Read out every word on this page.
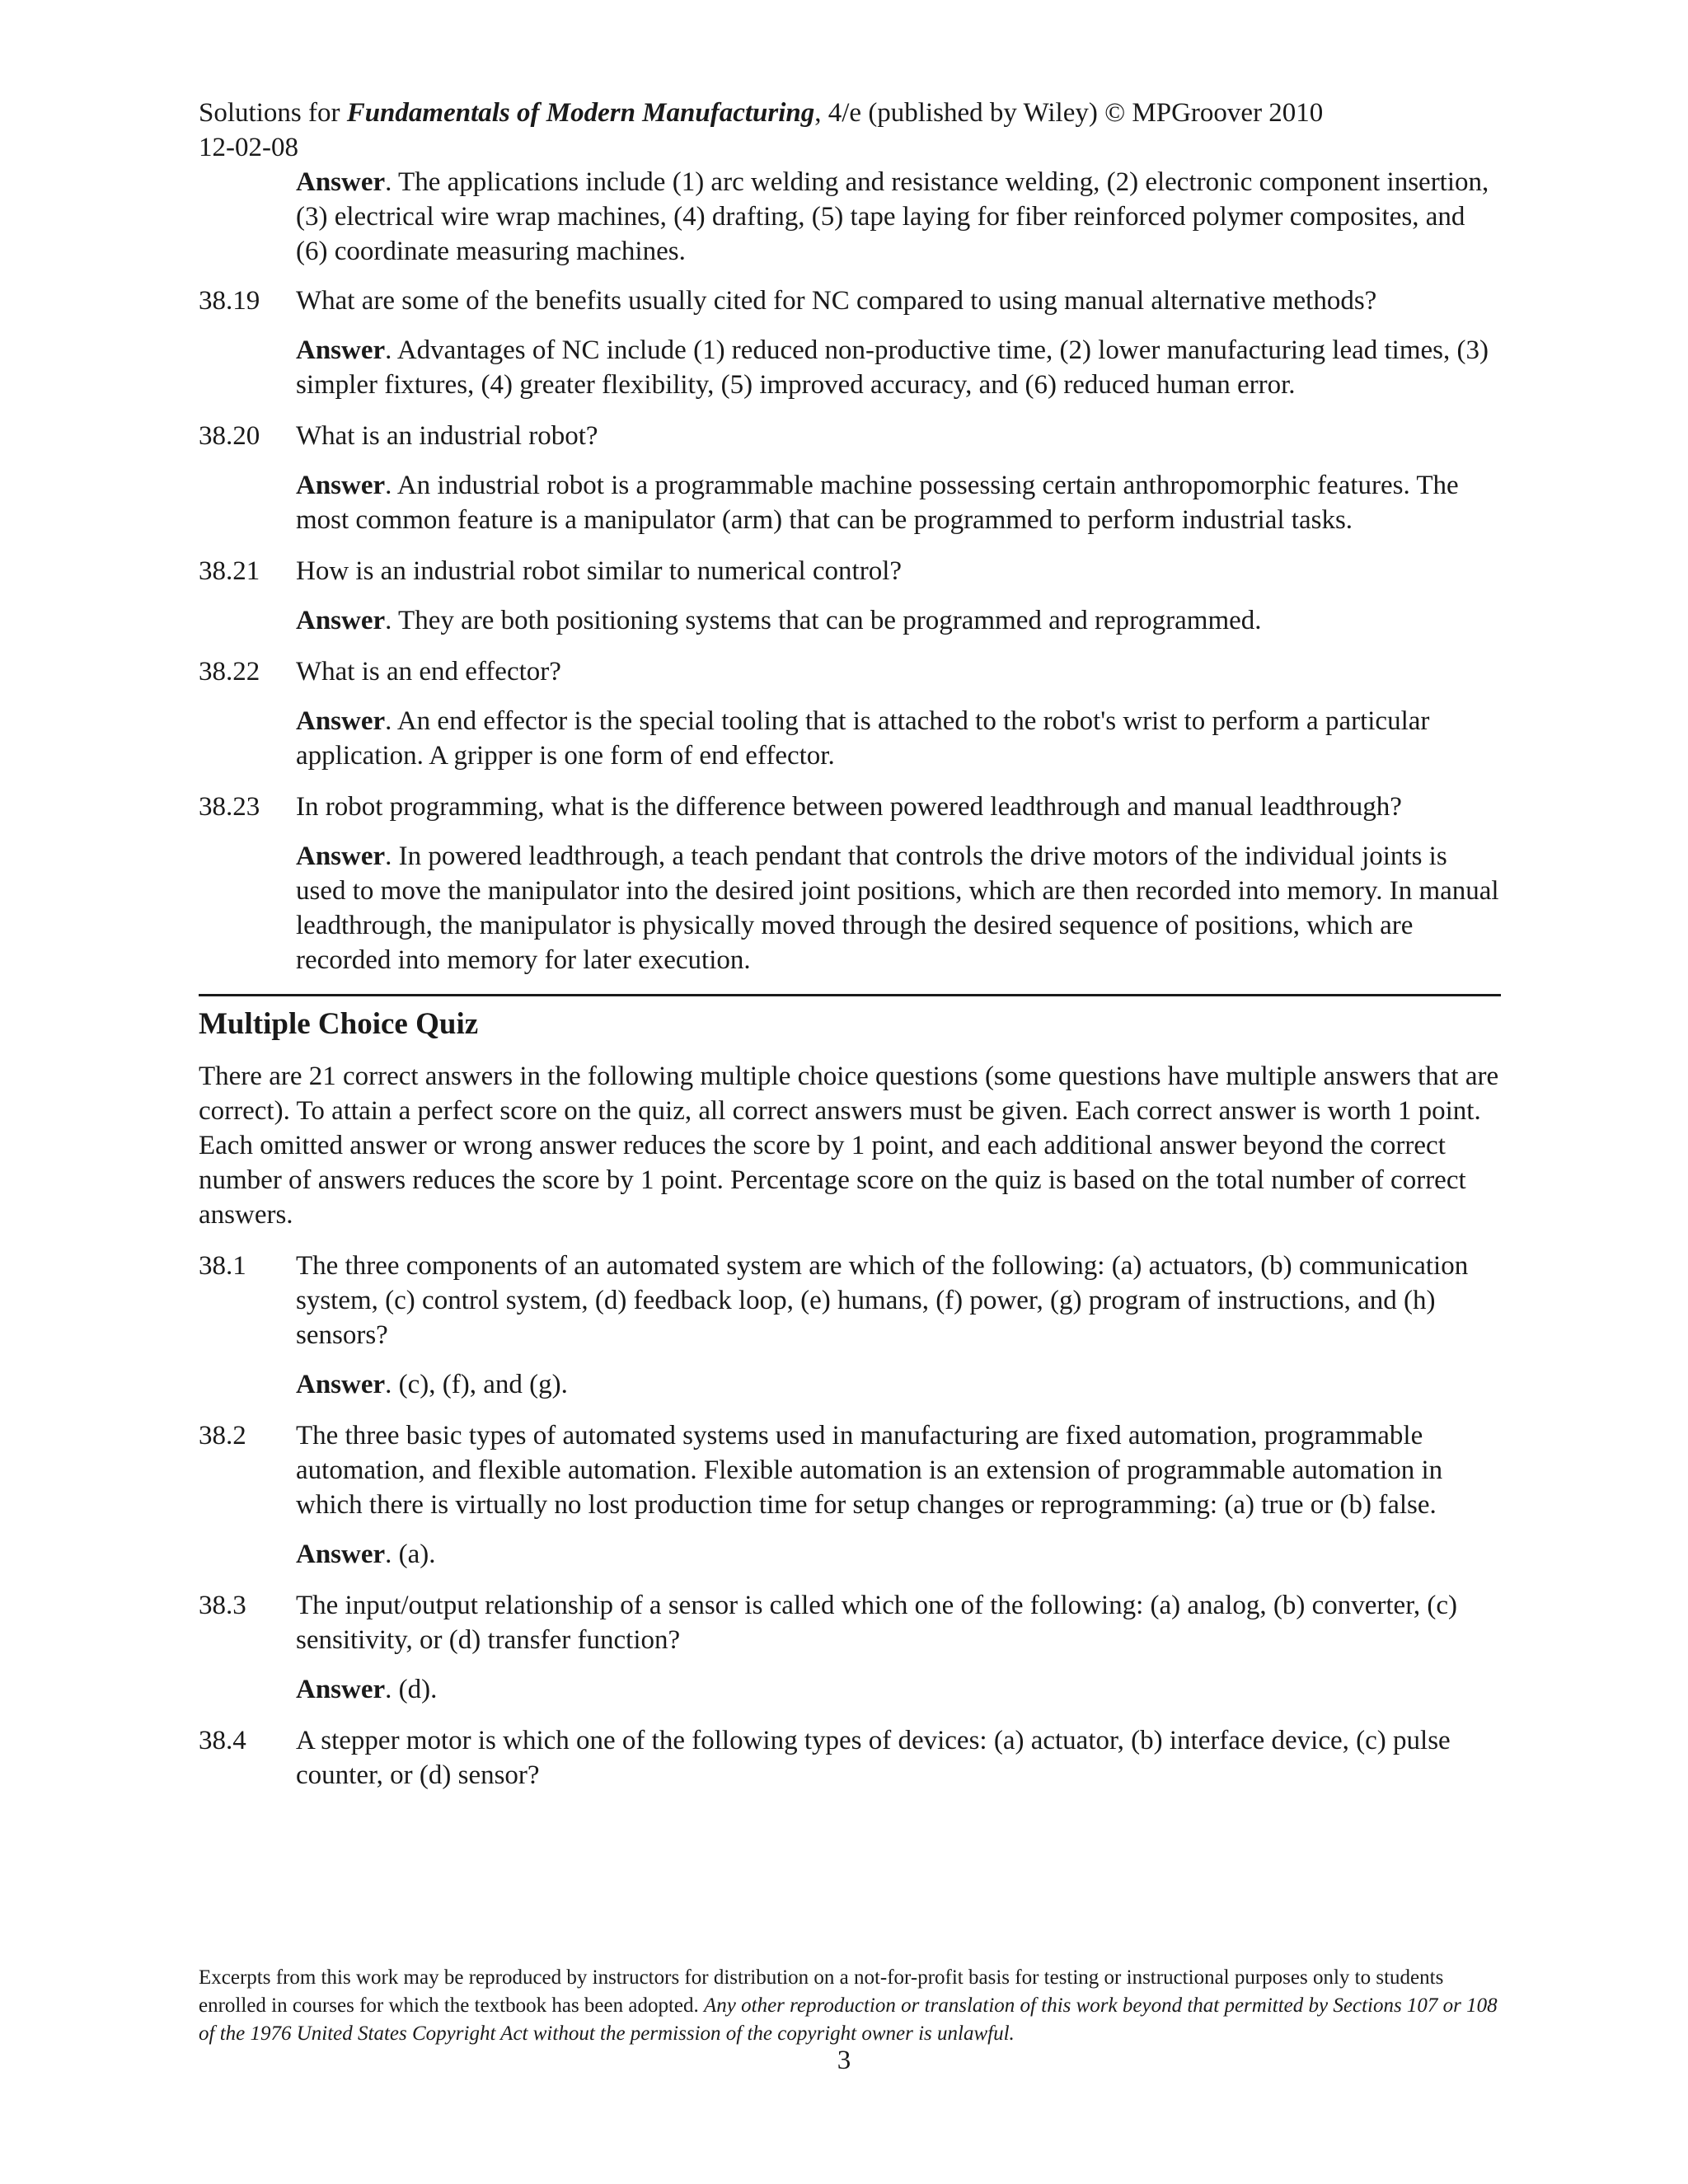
Solutions for Fundamentals of Modern Manufacturing, 4/e (published by Wiley) © MPGroover 2010
12-02-08
Answer. The applications include (1) arc welding and resistance welding, (2) electronic component insertion, (3) electrical wire wrap machines, (4) drafting, (5) tape laying for fiber reinforced polymer composites, and (6) coordinate measuring machines.
38.19	What are some of the benefits usually cited for NC compared to using manual alternative methods?
Answer. Advantages of NC include (1) reduced non-productive time, (2) lower manufacturing lead times, (3) simpler fixtures, (4) greater flexibility, (5) improved accuracy, and (6) reduced human error.
38.20	What is an industrial robot?
Answer. An industrial robot is a programmable machine possessing certain anthropomorphic features. The most common feature is a manipulator (arm) that can be programmed to perform industrial tasks.
38.21	How is an industrial robot similar to numerical control?
Answer. They are both positioning systems that can be programmed and reprogrammed.
38.22	What is an end effector?
Answer. An end effector is the special tooling that is attached to the robot's wrist to perform a particular application. A gripper is one form of end effector.
38.23	In robot programming, what is the difference between powered leadthrough and manual leadthrough?
Answer. In powered leadthrough, a teach pendant that controls the drive motors of the individual joints is used to move the manipulator into the desired joint positions, which are then recorded into memory. In manual leadthrough, the manipulator is physically moved through the desired sequence of positions, which are recorded into memory for later execution.
Multiple Choice Quiz
There are 21 correct answers in the following multiple choice questions (some questions have multiple answers that are correct). To attain a perfect score on the quiz, all correct answers must be given. Each correct answer is worth 1 point. Each omitted answer or wrong answer reduces the score by 1 point, and each additional answer beyond the correct number of answers reduces the score by 1 point. Percentage score on the quiz is based on the total number of correct answers.
38.1	The three components of an automated system are which of the following: (a) actuators, (b) communication system, (c) control system, (d) feedback loop, (e) humans, (f) power, (g) program of instructions, and (h) sensors?
Answer. (c), (f), and (g).
38.2	The three basic types of automated systems used in manufacturing are fixed automation, programmable automation, and flexible automation. Flexible automation is an extension of programmable automation in which there is virtually no lost production time for setup changes or reprogramming: (a) true or (b) false.
Answer. (a).
38.3	The input/output relationship of a sensor is called which one of the following: (a) analog, (b) converter, (c) sensitivity, or (d) transfer function?
Answer. (d).
38.4	A stepper motor is which one of the following types of devices: (a) actuator, (b) interface device, (c) pulse counter, or (d) sensor?
Excerpts from this work may be reproduced by instructors for distribution on a not-for-profit basis for testing or instructional purposes only to students enrolled in courses for which the textbook has been adopted. Any other reproduction or translation of this work beyond that permitted by Sections 107 or 108 of the 1976 United States Copyright Act without the permission of the copyright owner is unlawful.
3
